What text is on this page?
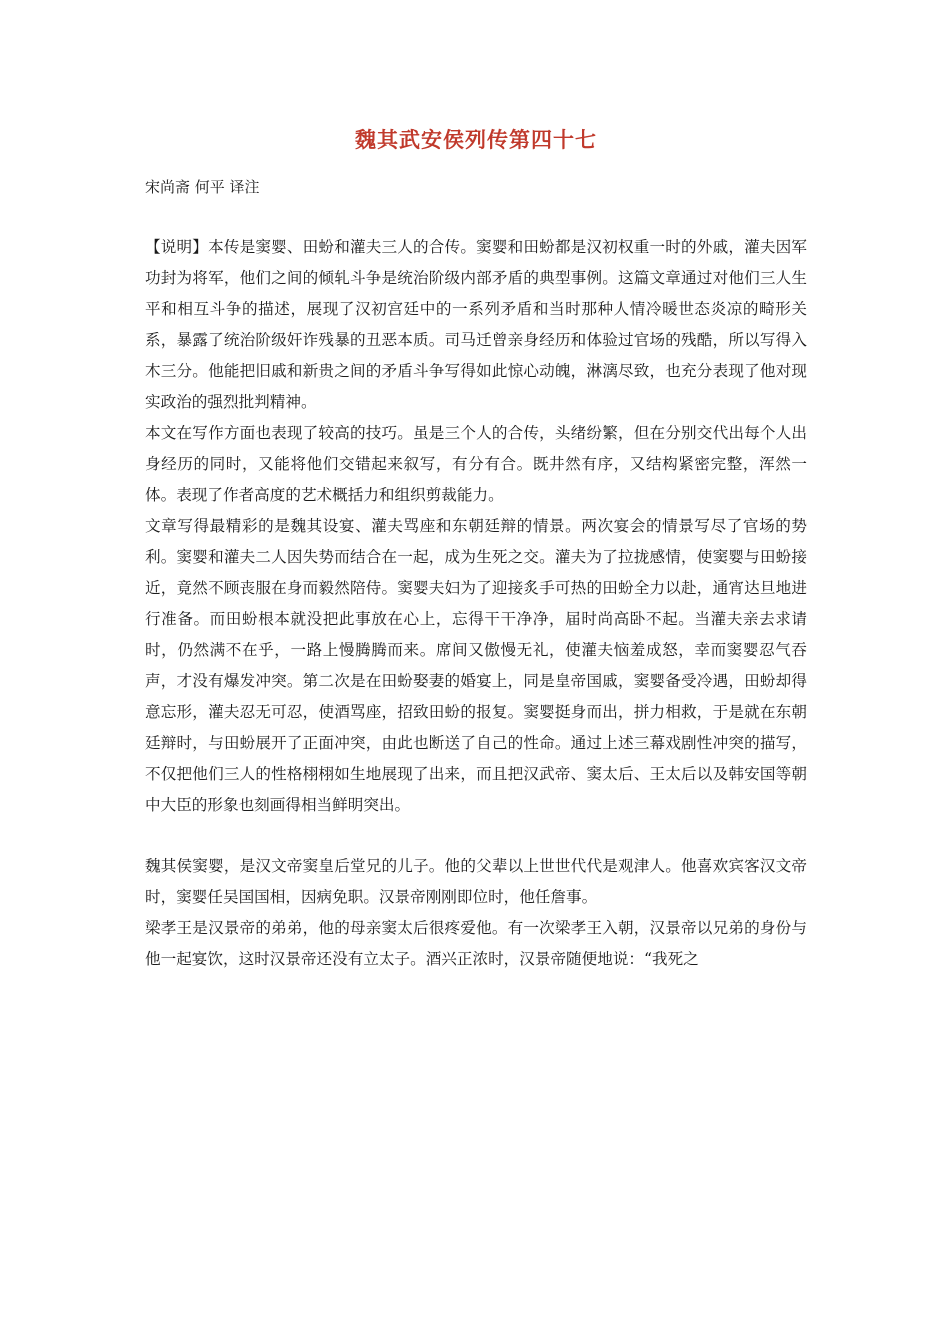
魏其武安侯列传第四十七

宋尚斋 何平 译注

【说明】本传是窦婴、田蚡和灌夫三人的合传。窦婴和田蚡都是汉初权重一时的外戚，灌夫因军功封为将军，他们之间的倾轧斗争是统治阶级内部矛盾的典型事例。这篇文章通过对他们三人生平和相互斗争的描述，展现了汉初宫廷中的一系列矛盾和当时那种人情冷暖世态炎凉的畸形关系，暴露了统治阶级奸诈残暴的丑恶本质。司马迁曾亲身经历和体验过官场的残酷，所以写得入木三分。他能把旧戚和新贵之间的矛盾斗争写得如此惊心动魄，淋漓尽致，也充分表现了他对现实政治的强烈批判精神。

本文在写作方面也表现了较高的技巧。虽是三个人的合传，头绪纷繁，但在分别交代出每个人出身经历的同时，又能将他们交错起来叙写，有分有合。既井然有序，又结构紧密完整，浑然一体。表现了作者高度的艺术概括力和组织剪裁能力。

文章写得最精彩的是魏其设宴、灌夫骂座和东朝廷辩的情景。两次宴会的情景写尽了官场的势利。窦婴和灌夫二人因失势而结合在一起，成为生死之交。灌夫为了拉拢感情，使窦婴与田蚡接近，竟然不顾丧服在身而毅然陪侍。窦婴夫妇为了迎接炙手可热的田蚡全力以赴，通宵达旦地进行准备。而田蚡根本就没把此事放在心上，忘得干干净净，届时尚高卧不起。当灌夫亲去求请时，仍然满不在乎，一路上慢腾腾而来。席间又傲慢无礼，使灌夫恼羞成怒，幸而窦婴忍气吞声，才没有爆发冲突。第二次是在田蚡娶妻的婚宴上，同是皇帝国戚，窦婴备受冷遇，田蚡却得意忘形，灌夫忍无可忍，使酒骂座，招致田蚡的报复。窦婴挺身而出，拼力相救，于是就在东朝廷辩时，与田蚡展开了正面冲突，由此也断送了自己的性命。通过上述三幕戏剧性冲突的描写，不仅把他们三人的性格栩栩如生地展现了出来，而且把汉武帝、窦太后、王太后以及韩安国等朝中大臣的形象也刻画得相当鲜明突出。

魏其侯窦婴，是汉文帝窦皇后堂兄的儿子。他的父辈以上世世代代是观津人。他喜欢宾客汉文帝时，窦婴任吴国国相，因病免职。汉景帝刚刚即位时，他任詹事。

梁孝王是汉景帝的弟弟，他的母亲窦太后很疼爱他。有一次梁孝王入朝，汉景帝以兄弟的身份与他一起宴饮，这时汉景帝还没有立太子。酒兴正浓时，汉景帝随便地说：“我死之
